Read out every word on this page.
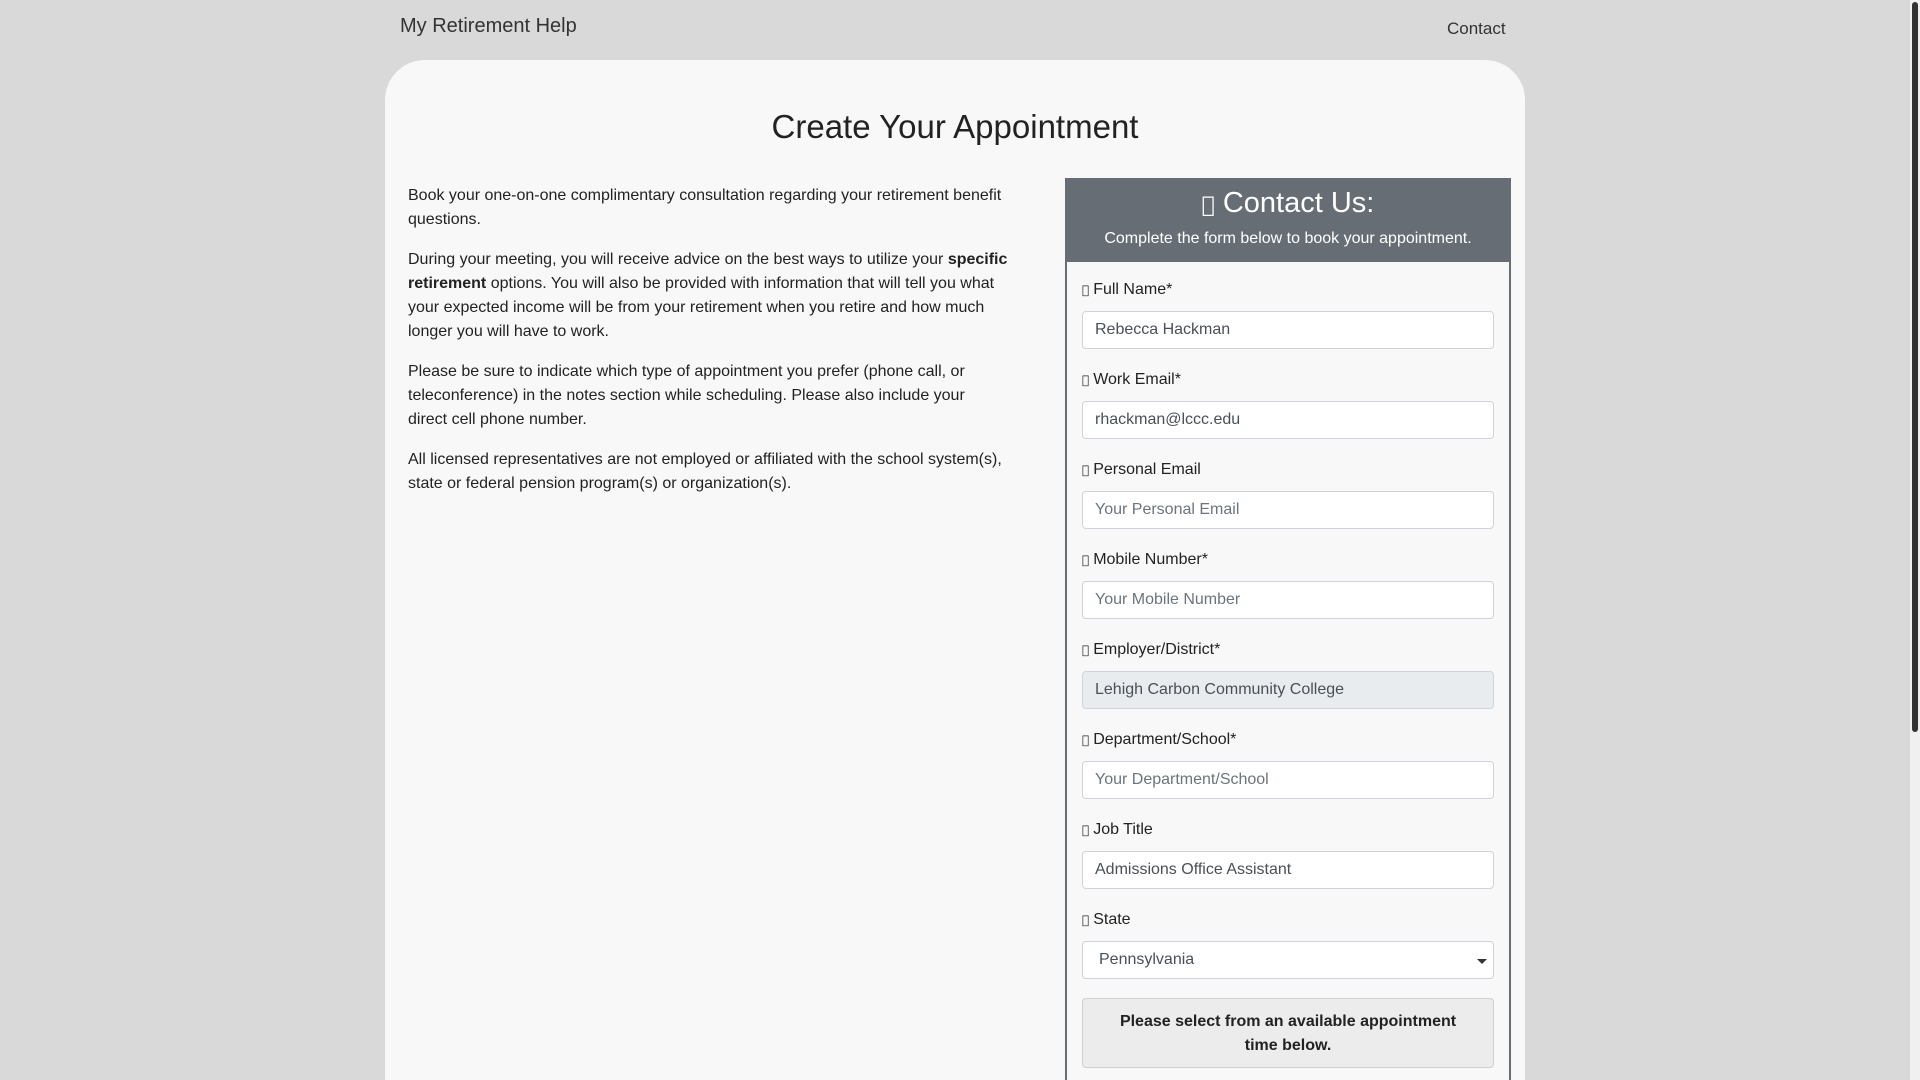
My Retirement Help	Contact
Create Your Appointment

Book your one-on-one complimentary consultation regarding your retirement benefit questions.

During your meeting, you will receive advice on the best ways to utilize your specific retirement options. You will also be provided with information that will tell you what your expected income will be from your retirement when you retire and how much longer you will have to work.

Please be sure to indicate which type of appointment you prefer (phone call, or teleconference) in the notes section while scheduling. Please also include your direct cell phone number.

All licensed representatives are not employed or affiliated with the school system(s), state or federal pension program(s) or organization(s).

Contact Us:
Complete the form below to book your appointment.
Full Name*
Rebecca Hackman
Work Email*
rhackman@lccc.edu
Personal Email
Your Personal Email
Mobile Number*
Your Mobile Number
Employer/District*
Lehigh Carbon Community College
Department/School*
Your Department/School
Job Title
Admissions Office Assistant
State
Pennsylvania
Please select from an available appointment time below.
